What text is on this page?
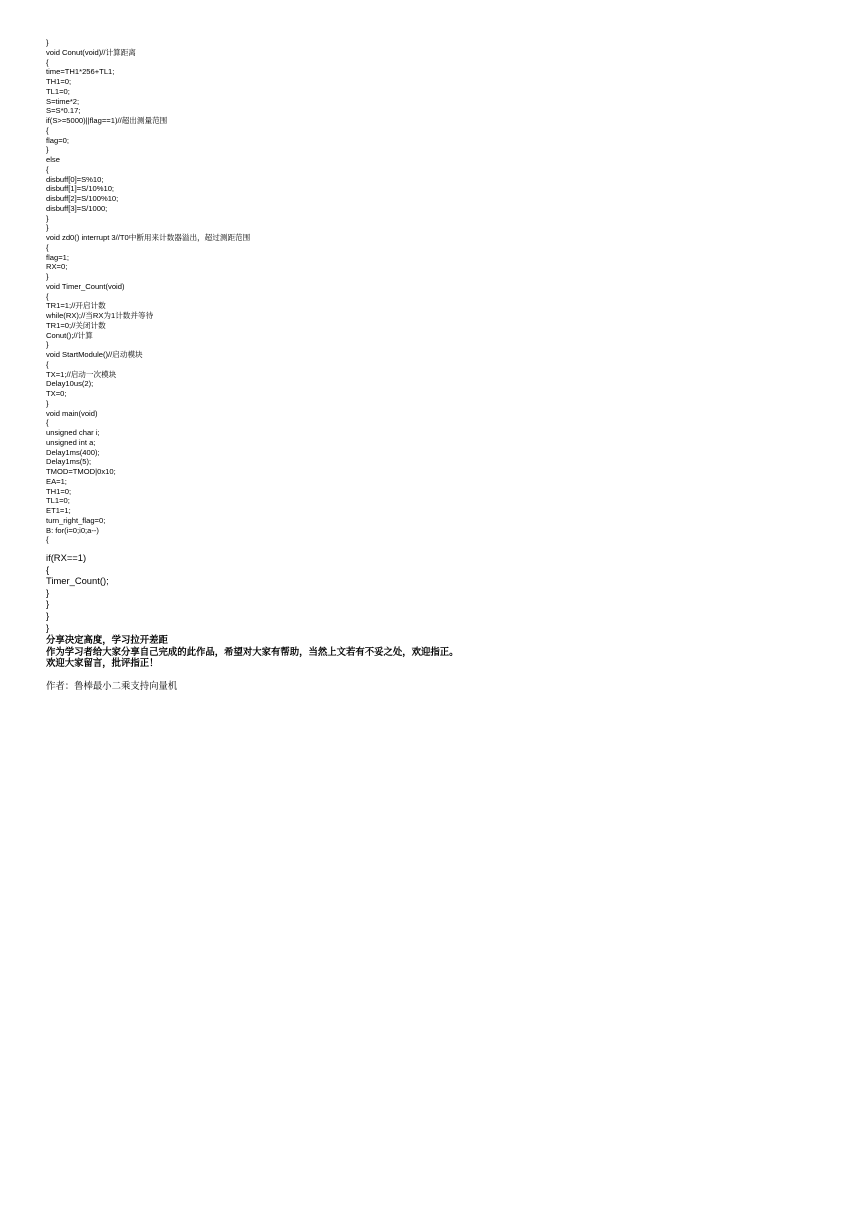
}
void Conut(void)//计算距离
{
time=TH1*256+TL1;
TH1=0;
TL1=0;
S=time*2;
S=S*0.17;
if(S>=5000)||flag==1)//超出测量范围
{
flag=0;
}
else
{
disbuff[0]=S%10;
disbuff[1]=S/10%10;
disbuff[2]=S/100%10;
disbuff[3]=S/1000;
}
}
void zd0() interrupt 3//T0中断用来计数器溢出，超过测距范围
{
flag=1;
RX=0;
}
void Timer_Count(void)
{
TR1=1;//开启计数
while(RX);//当RX为1计数并等待
TR1=0;//关闭计数
Conut();//计算
}
void StartModule()//启动模块
{
TX=1;//启动一次模块
Delay10us(2);
TX=0;
}
void main(void)
{
unsigned char i;
unsigned int a;
Delay1ms(400);
Delay1ms(5);
TMOD=TMOD|0x10;
EA=1;
TH1=0;
TL1=0;
ET1=1;
turn_right_flag=0;
B: for(i=0;i0;a--)
{
if(RX==1)
{
Timer_Count();
}
}
}
}
分享决定高度，学习拉开差距
作为学习者给大家分享自己完成的此作品，希望对大家有帮助，当然上文若有不妥之处，欢迎指正。
欢迎大家留言，批评指正！
作者：鲁棒最小二乘支持向量机
